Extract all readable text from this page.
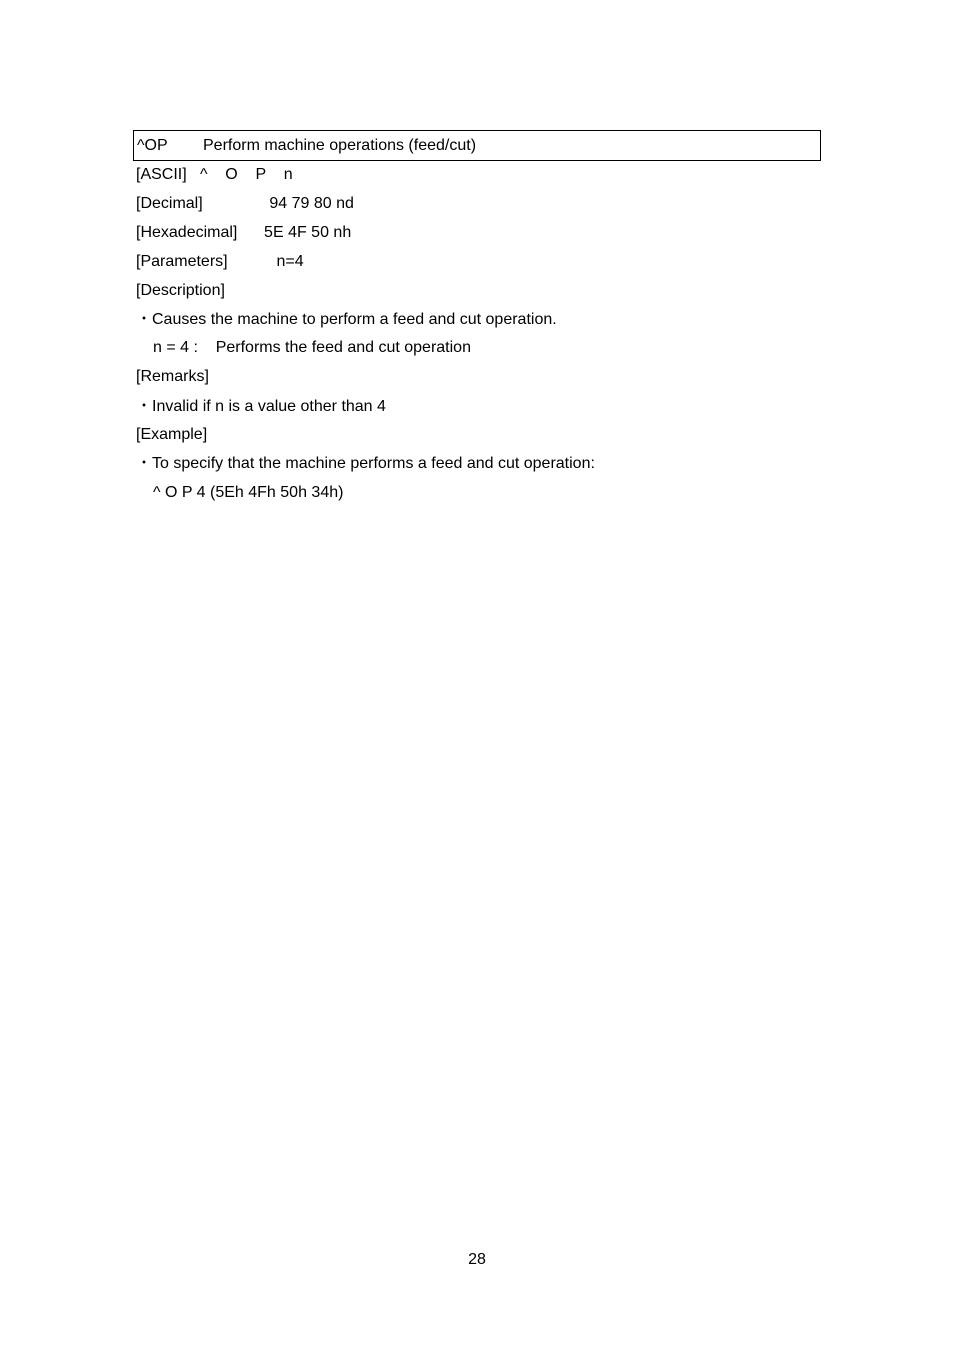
^OP Perform machine operations (feed/cut)
[ASCII]   ^    O    P    n
[Decimal]               94 79 80 nd
[Hexadecimal]      5E 4F 50 nh
[Parameters]           n=4
[Description]
・Causes the machine to perform a feed and cut operation.
n = 4 :    Performs the feed and cut operation
[Remarks]
・Invalid if n is a value other than 4
[Example]
・To specify that the machine performs a feed and cut operation:
^ O P 4 (5Eh 4Fh 50h 34h)
28
